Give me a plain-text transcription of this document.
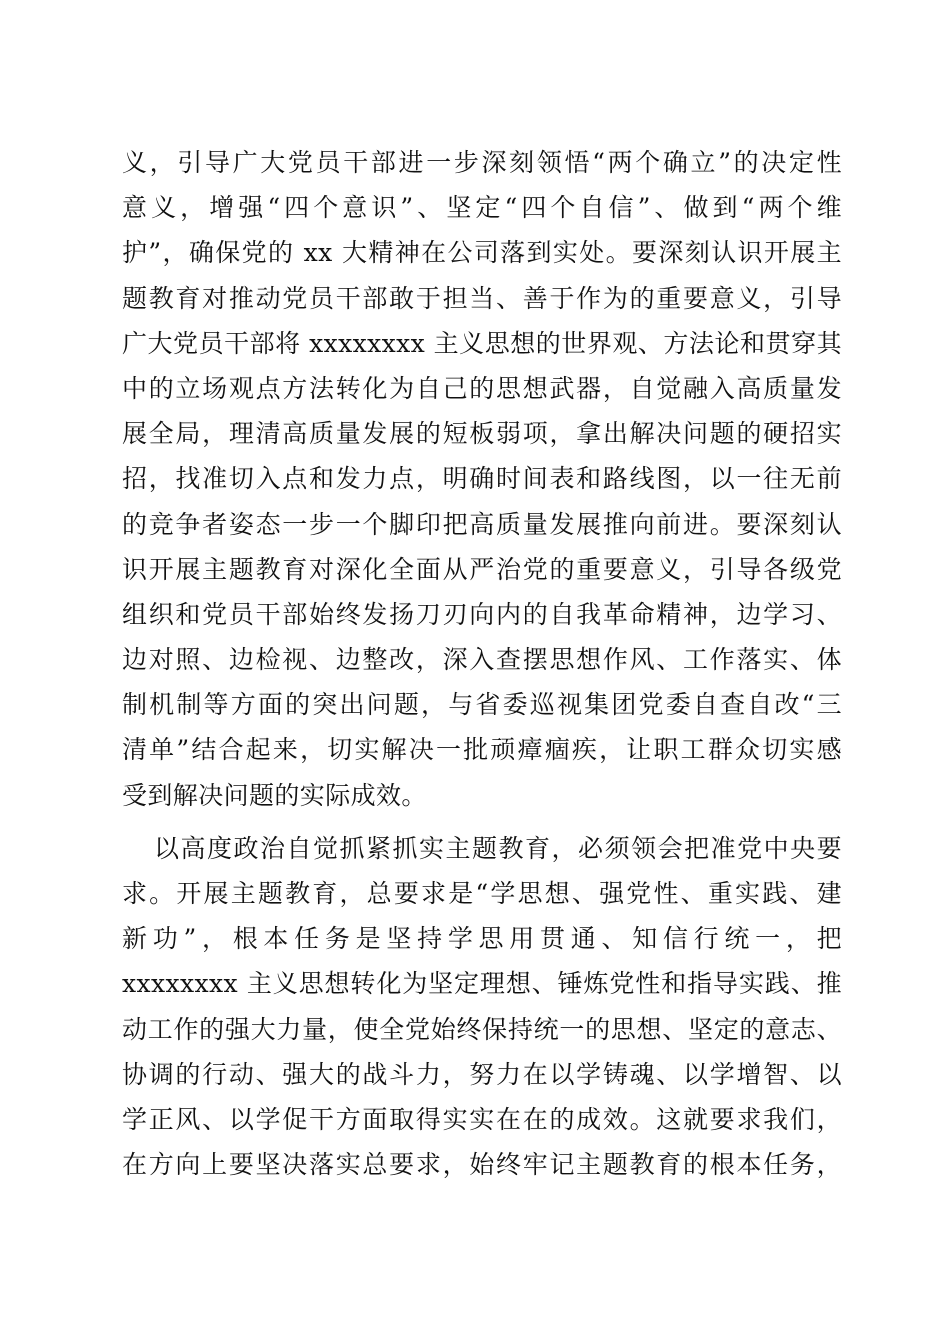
义，引导广大党员干部进一步深刻领悟“两个确立”的决定性
意义，增强“四个意识”、坚定“四个自信”、做到“两个维
护”，确保党的 xx 大精神在公司落到实处。要深刻认识开展主
题教育对推动党员干部敢于担当、善于作为的重要意义，引导
广大党员干部将 xxxxxxxx 主义思想的世界观、方法论和贯穿其
中的立场观点方法转化为自己的思想武器，自觉融入高质量发
展全局，理清高质量发展的短板弱项，拿出解决问题的硬招实
招，找准切入点和发力点，明确时间表和路线图，以一往无前
的竞争者姿态一步一个脚印把高质量发展推向前进。要深刻认
识开展主题教育对深化全面从严治党的重要意义，引导各级党
组织和党员干部始终发扬刀刃向内的自我革命精神，边学习、
边对照、边检视、边整改，深入查摆思想作风、工作落实、体
制机制等方面的突出问题，与省委巡视集团党委自查自改“三
清单”结合起来，切实解决一批顽瘴痼疾，让职工群众切实感
受到解决问题的实际成效。
以高度政治自觉抓紧抓实主题教育，必须领会把准党中央要
求。开展主题教育，总要求是“学思想、强党性、重实践、建
新功”，根本任务是坚持学思用贯通、知信行统一，把
xxxxxxxx 主义思想转化为坚定理想、锤炼党性和指导实践、推
动工作的强大力量，使全党始终保持统一的思想、坚定的意志、
协调的行动、强大的战斗力，努力在以学铸魂、以学增智、以
学正风、以学促干方面取得实实在在的成效。这就要求我们，
在方向上要坚决落实总要求，始终牢记主题教育的根本任务，
